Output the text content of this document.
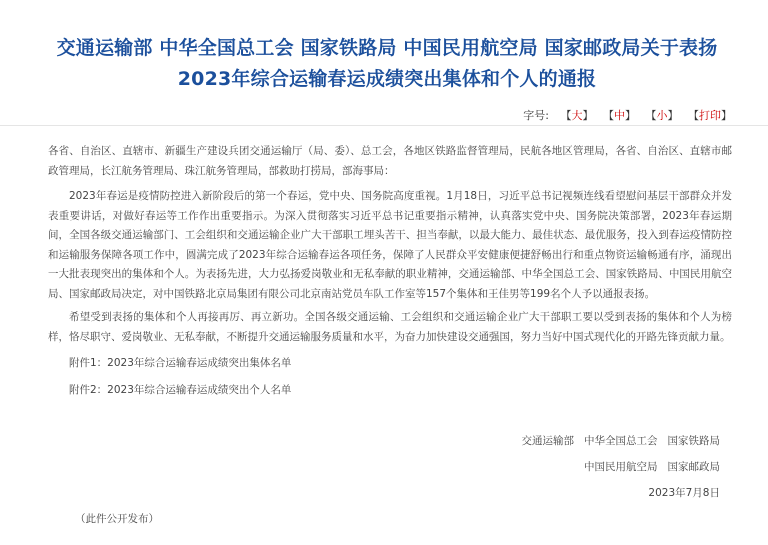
交通运输部 中华全国总工会 国家铁路局 中国民用航空局 国家邮政局关于表扬2023年综合运输春运成绩突出集体和个人的通报
字号: 【大】 【中】 【小】 【打印】

各省、自治区、直辖市、新疆生产建设兵团交通运输厅（局、委）、总工会，各地区铁路监督管理局，民航各地区管理局，各省、自治区、直辖市邮政管理局，长江航务管理局、珠江航务管理局，部救助打捞局，部海事局：

2023年春运是疫情防控进入新阶段后的第一个春运，党中央、国务院高度重视。1月18日，习近平总书记视频连线看望慰问基层干部群众并发表重要讲话，对做好春运等工作作出重要指示。为深入贯彻落实习近平总书记重要指示精神，认真落实党中央、国务院决策部署，2023年春运期间，全国各级交通运输部门、工会组织和交通运输企业广大干部职工埋头苦干、担当奉献，以最大能力、最佳状态、最优服务，投入到春运疫情防控和运输服务保障各项工作中，圆满完成了2023年综合运输春运各项任务，保障了人民群众平安健康便捷舒畅出行和重点物资运输畅通有序，涌现出一大批表现突出的集体和个人。为表扬先进，大力弘扬爱岗敬业和无私奉献的职业精神，交通运输部、中华全国总工会、国家铁路局、中国民用航空局、国家邮政局决定，对中国铁路北京局集团有限公司北京南站党员车队工作室等157个集体和王佳男等199名个人予以通报表扬。

希望受到表扬的集体和个人再接再厉、再立新功。全国各级交通运输、工会组织和交通运输企业广大干部职工要以受到表扬的集体和个人为榜样，恪尽职守、爱岗敬业、无私奉献，不断提升交通运输服务质量和水平，为奋力加快建设交通强国，努力当好中国式现代化的开路先锋贡献力量。

附件1：2023年综合运输春运成绩突出集体名单

附件2：2023年综合运输春运成绩突出个人名单

交通运输部 中华全国总工会 国家铁路局
中国民用航空局 国家邮政局
2023年7月8日
（此件公开发布）
